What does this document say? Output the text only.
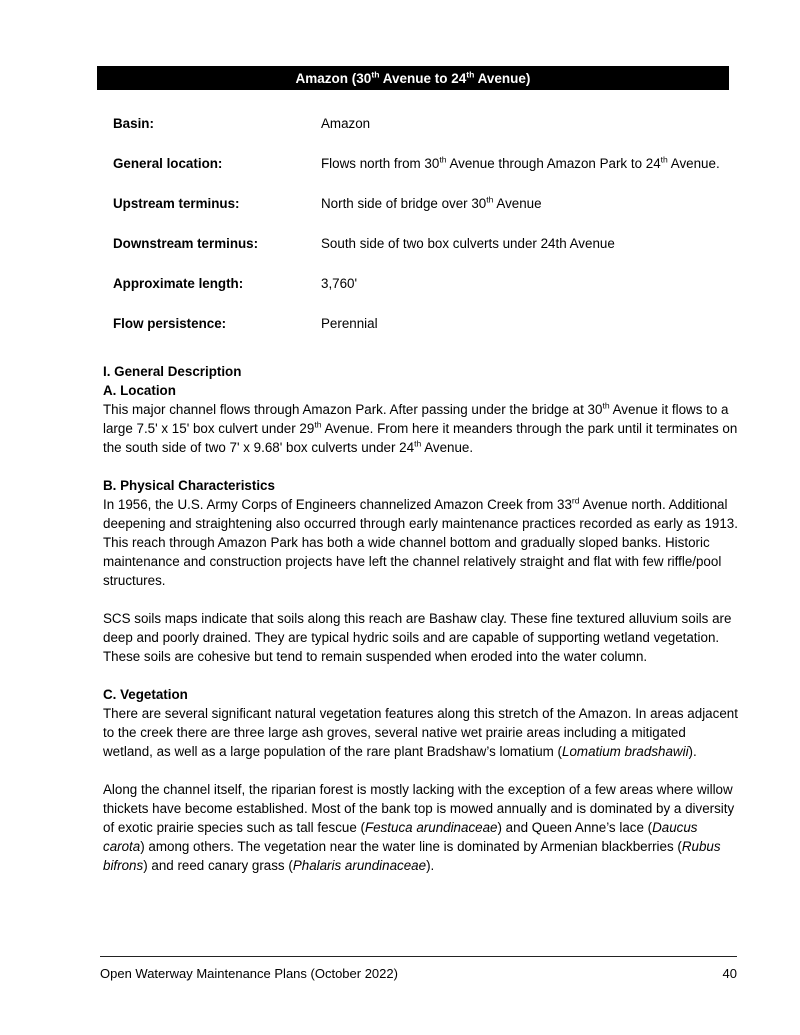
Amazon (30th Avenue to 24th Avenue)
Basin:	Amazon
General location:	Flows north from 30th Avenue through Amazon Park to 24th Avenue.
Upstream terminus:	North side of bridge over 30th Avenue
Downstream terminus:	South side of two box culverts under 24th Avenue
Approximate length:	3,760'
Flow persistence:	Perennial

I. General Description

A. Location

This major channel flows through Amazon Park. After passing under the bridge at 30th Avenue it flows to a large 7.5' x 15' box culvert under 29th Avenue. From here it meanders through the park until it terminates on the south side of two 7' x 9.68' box culverts under 24th Avenue.

B. Physical Characteristics

In 1956, the U.S. Army Corps of Engineers channelized Amazon Creek from 33rd Avenue north. Additional deepening and straightening also occurred through early maintenance practices recorded as early as 1913. This reach through Amazon Park has both a wide channel bottom and gradually sloped banks. Historic maintenance and construction projects have left the channel relatively straight and flat with few riffle/pool structures.

SCS soils maps indicate that soils along this reach are Bashaw clay. These fine textured alluvium soils are deep and poorly drained. They are typical hydric soils and are capable of supporting wetland vegetation. These soils are cohesive but tend to remain suspended when eroded into the water column.

C. Vegetation

There are several significant natural vegetation features along this stretch of the Amazon. In areas adjacent to the creek there are three large ash groves, several native wet prairie areas including a mitigated wetland, as well as a large population of the rare plant Bradshaw’s lomatium (Lomatium bradshawii).

Along the channel itself, the riparian forest is mostly lacking with the exception of a few areas where willow thickets have become established. Most of the bank top is mowed annually and is dominated by a diversity of exotic prairie species such as tall fescue (Festuca arundinaceae) and Queen Anne’s lace (Daucus carota) among others. The vegetation near the water line is dominated by Armenian blackberries (Rubus bifrons) and reed canary grass (Phalaris arundinaceae).

Open Waterway Maintenance Plans (October 2022)	40
